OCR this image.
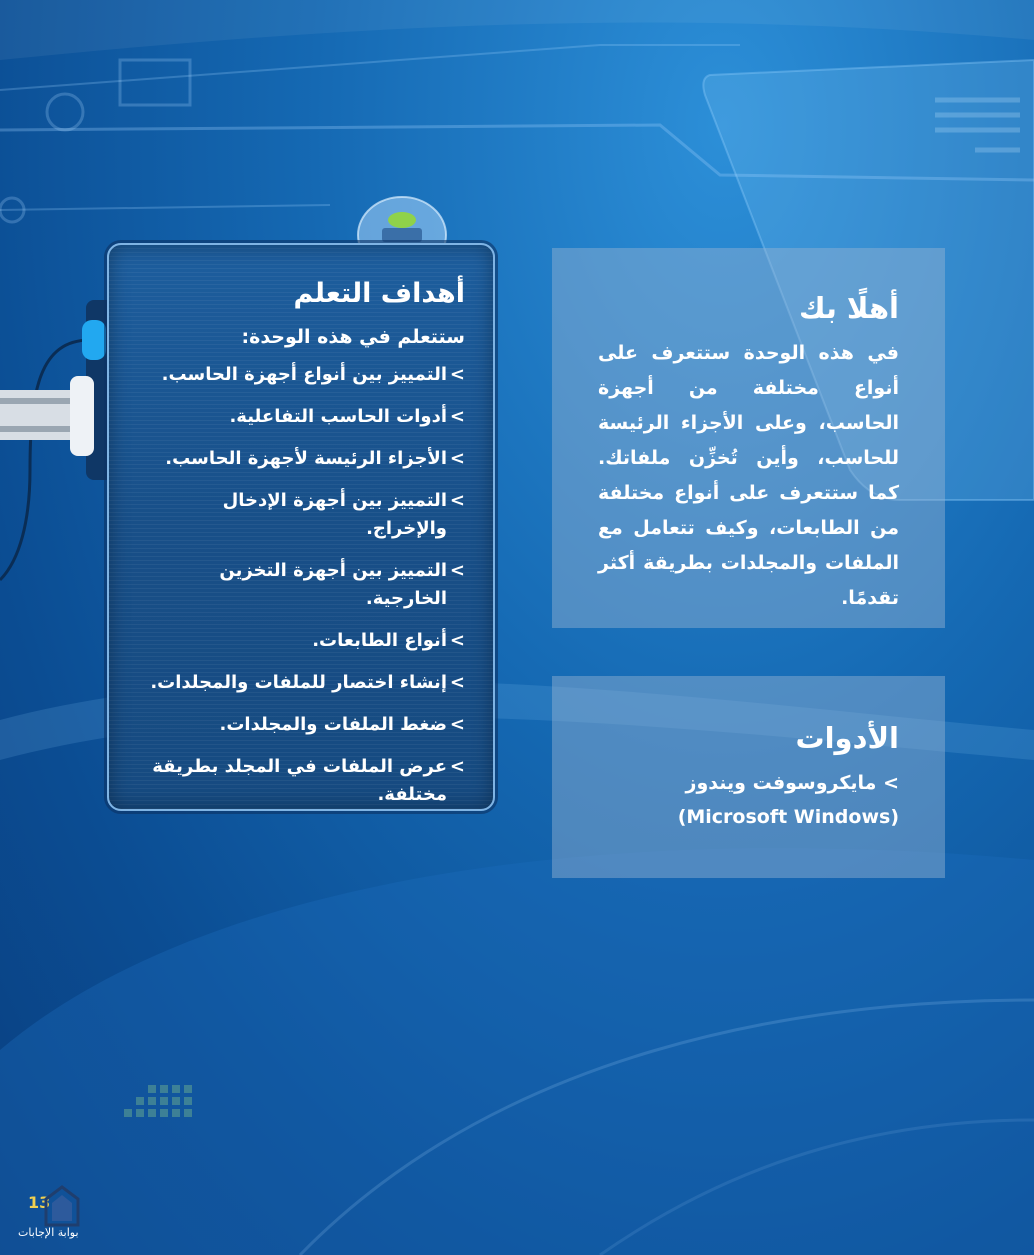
أهداف التعلم

ستتعلم في هذه الوحدة:

>
التمييز بين أنواع أجهزة الحاسب.
>
أدوات الحاسب التفاعلية.
>
الأجزاء الرئيسة لأجهزة الحاسب.
>
التمييز بين أجهزة الإدخال والإخراج.
>
التمييز بين أجهزة التخزين الخارجية.
>
أنواع الطابعات.
>
إنشاء اختصار للملفات والمجلدات.
>
ضغط الملفات والمجلدات.
>
عرض الملفات في المجلد بطريقة مختلفة.
أهلًا بك

في هذه الوحدة ستتعرف على أنواع مختلفة من أجهزة الحاسب، وعلى الأجزاء الرئيسة للحاسب، وأين تُخزِّن ملفاتك. كما ستتعرف على أنواع مختلفة من الطابعات، وكيف تتعامل مع الملفات والمجلدات بطريقة أكثر تقدمًا.

الأدوات

> مايكروسوفت ويندوز

(Microsoft Windows)

13
بوابة الإجابات
